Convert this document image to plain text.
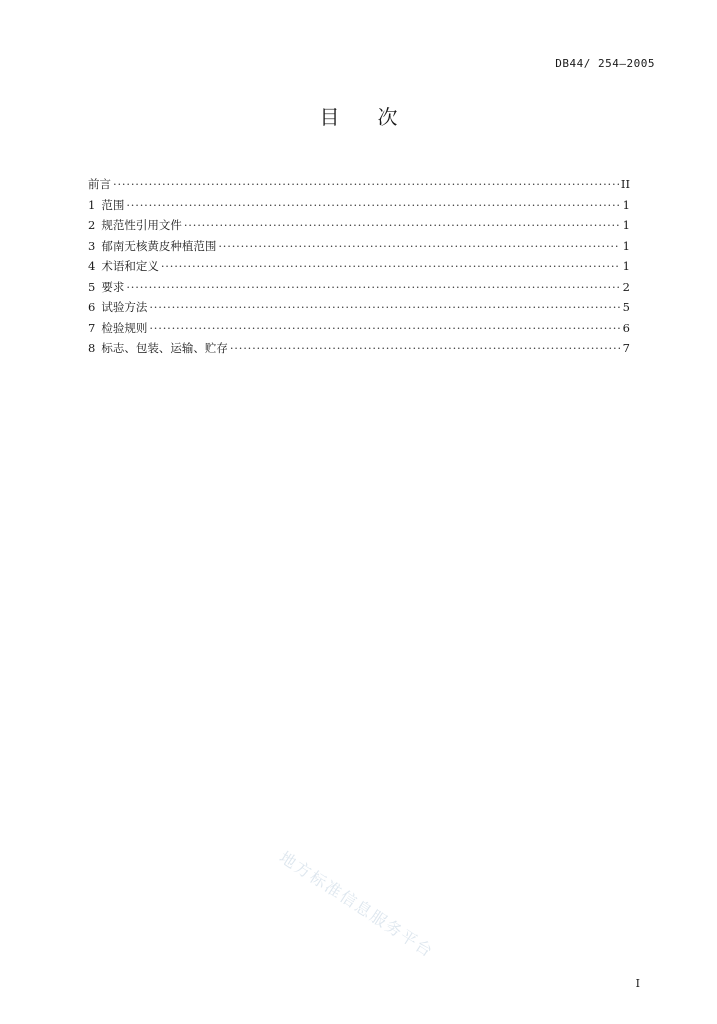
DB44/ 254—2005
目 次
前言 ·····	II
1 范围 ·····	1
2 规范性引用文件 ·····	1
3 郁南无核黄皮种植范围 ·····	1
4 术语和定义 ·····	1
5 要求 ·····	2
6 试验方法 ·····	5
7 检验规则 ·····	6
8 标志、包装、运输、贮存 ·····	7
地方标准信息服务平台
I
